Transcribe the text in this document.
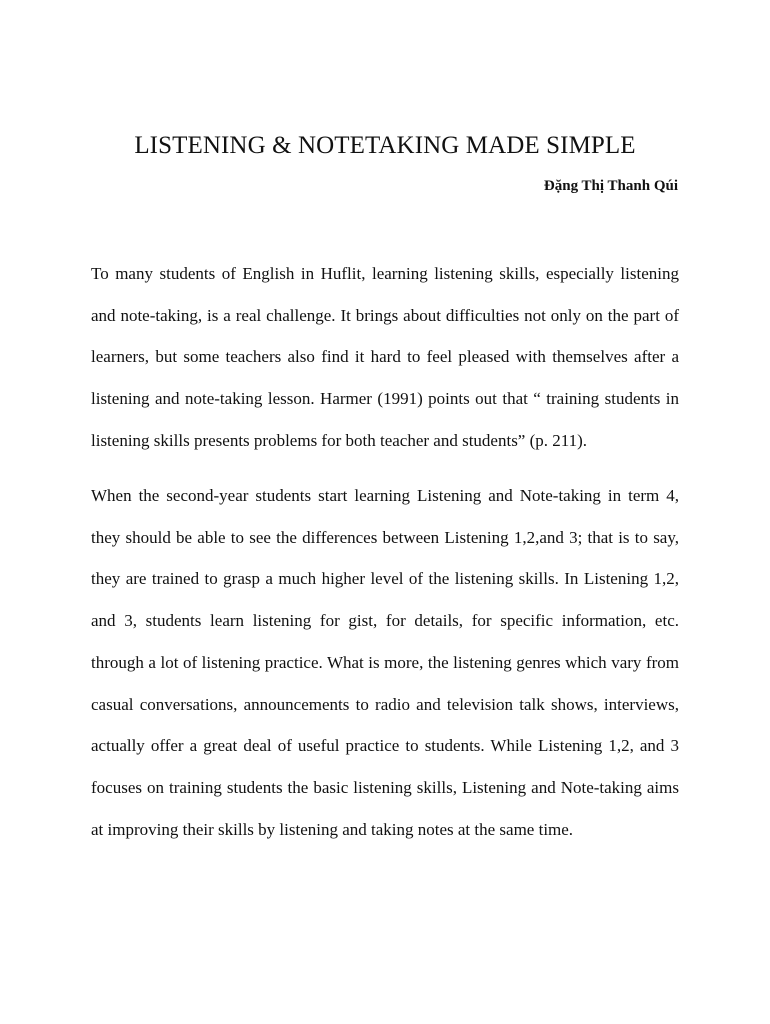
LISTENING & NOTETAKING MADE SIMPLE

Đặng Thị Thanh Qúi

To many students of English in Huflit, learning listening skills, especially listening and note-taking, is a real challenge. It brings about difficulties not only on the part of learners, but some teachers also find it hard to feel pleased with themselves after a listening and note-taking lesson. Harmer (1991) points out that “ training students in listening skills presents problems for both teacher and students” (p. 211).

When the second-year students start learning Listening and Note-taking in term 4, they should be able to see the differences between Listening 1,2,and 3; that is to say, they are trained to grasp a much higher level of the listening skills. In Listening 1,2, and 3, students learn listening for gist, for details, for specific information, etc. through a lot of listening practice. What is more, the listening genres which vary from casual conversations, announcements to radio and television talk shows, interviews, actually offer a great deal of useful practice to students. While Listening 1,2, and 3 focuses on training students the basic listening skills, Listening and Note-taking aims at improving their skills by listening and taking notes at the same time.
